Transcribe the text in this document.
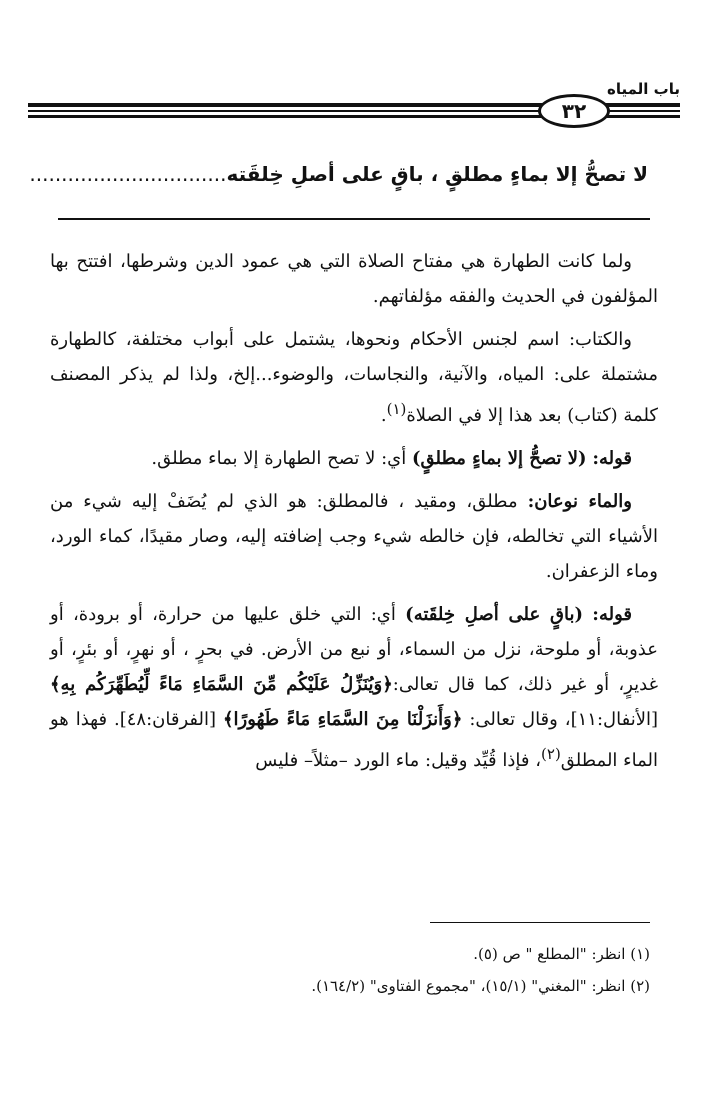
باب المياه
٣٢
لا تصحُّ إلا بماءٍ مطلقٍ ، باقٍ على أصلِ خِلقَته...............................

ولما كانت الطهارة هي مفتاح الصلاة التي هي عمود الدين وشرطها، افتتح بها المؤلفون في الحديث والفقه مؤلفاتهم.

والكتاب: اسم لجنس الأحكام ونحوها، يشتمل على أبواب مختلفة، كالطهارة مشتملة على: المياه، والآنية، والنجاسات، والوضوء...إلخ، ولذا لم يذكر المصنف كلمة (كتاب) بعد هذا إلا في الصلاة$^{(١)}$.

قوله: (لا تصحُّ إلا بماءٍ مطلقٍ) أي: لا تصح الطهارة إلا بماء مطلق.

والماء نوعان: مطلق، ومقيد ، فالمطلق: هو الذي لم يُضَفْ إليه شيء من الأشياء التي تخالطه، فإن خالطه شيء وجب إضافته إليه، وصار مقيدًا، كماء الورد، وماء الزعفران.

قوله: (باقٍ على أصلِ خِلقَته) أي: التي خلق عليها من حرارة، أو برودة، أو عذوبة، أو ملوحة، نزل من السماء، أو نبع من الأرض. في بحرٍ ، أو نهرٍ، أو بئرٍ، أو غديرٍ، أو غير ذلك، كما قال تعالى:﴿وَيُنَزِّلُ عَلَيْكُم مِّنَ السَّمَاءِ مَاءً لِّيُطَهِّرَكُم بِهِ﴾[الأنفال:١١]، وقال تعالى: ﴿وَأَنزَلْنَا مِنَ السَّمَاءِ مَاءً طَهُورًا﴾ [الفرقان:٤٨]. فهذا هو الماء المطلق$^{(٢)}$، فإذا قُيِّد وقيل: ماء الورد –مثلاً– فليس

(١) انظر: "المطلع " ص (٥).
(٢) انظر: "المغني" (١٥/١)، "مجموع الفتاوى" (١٦٤/٢).
